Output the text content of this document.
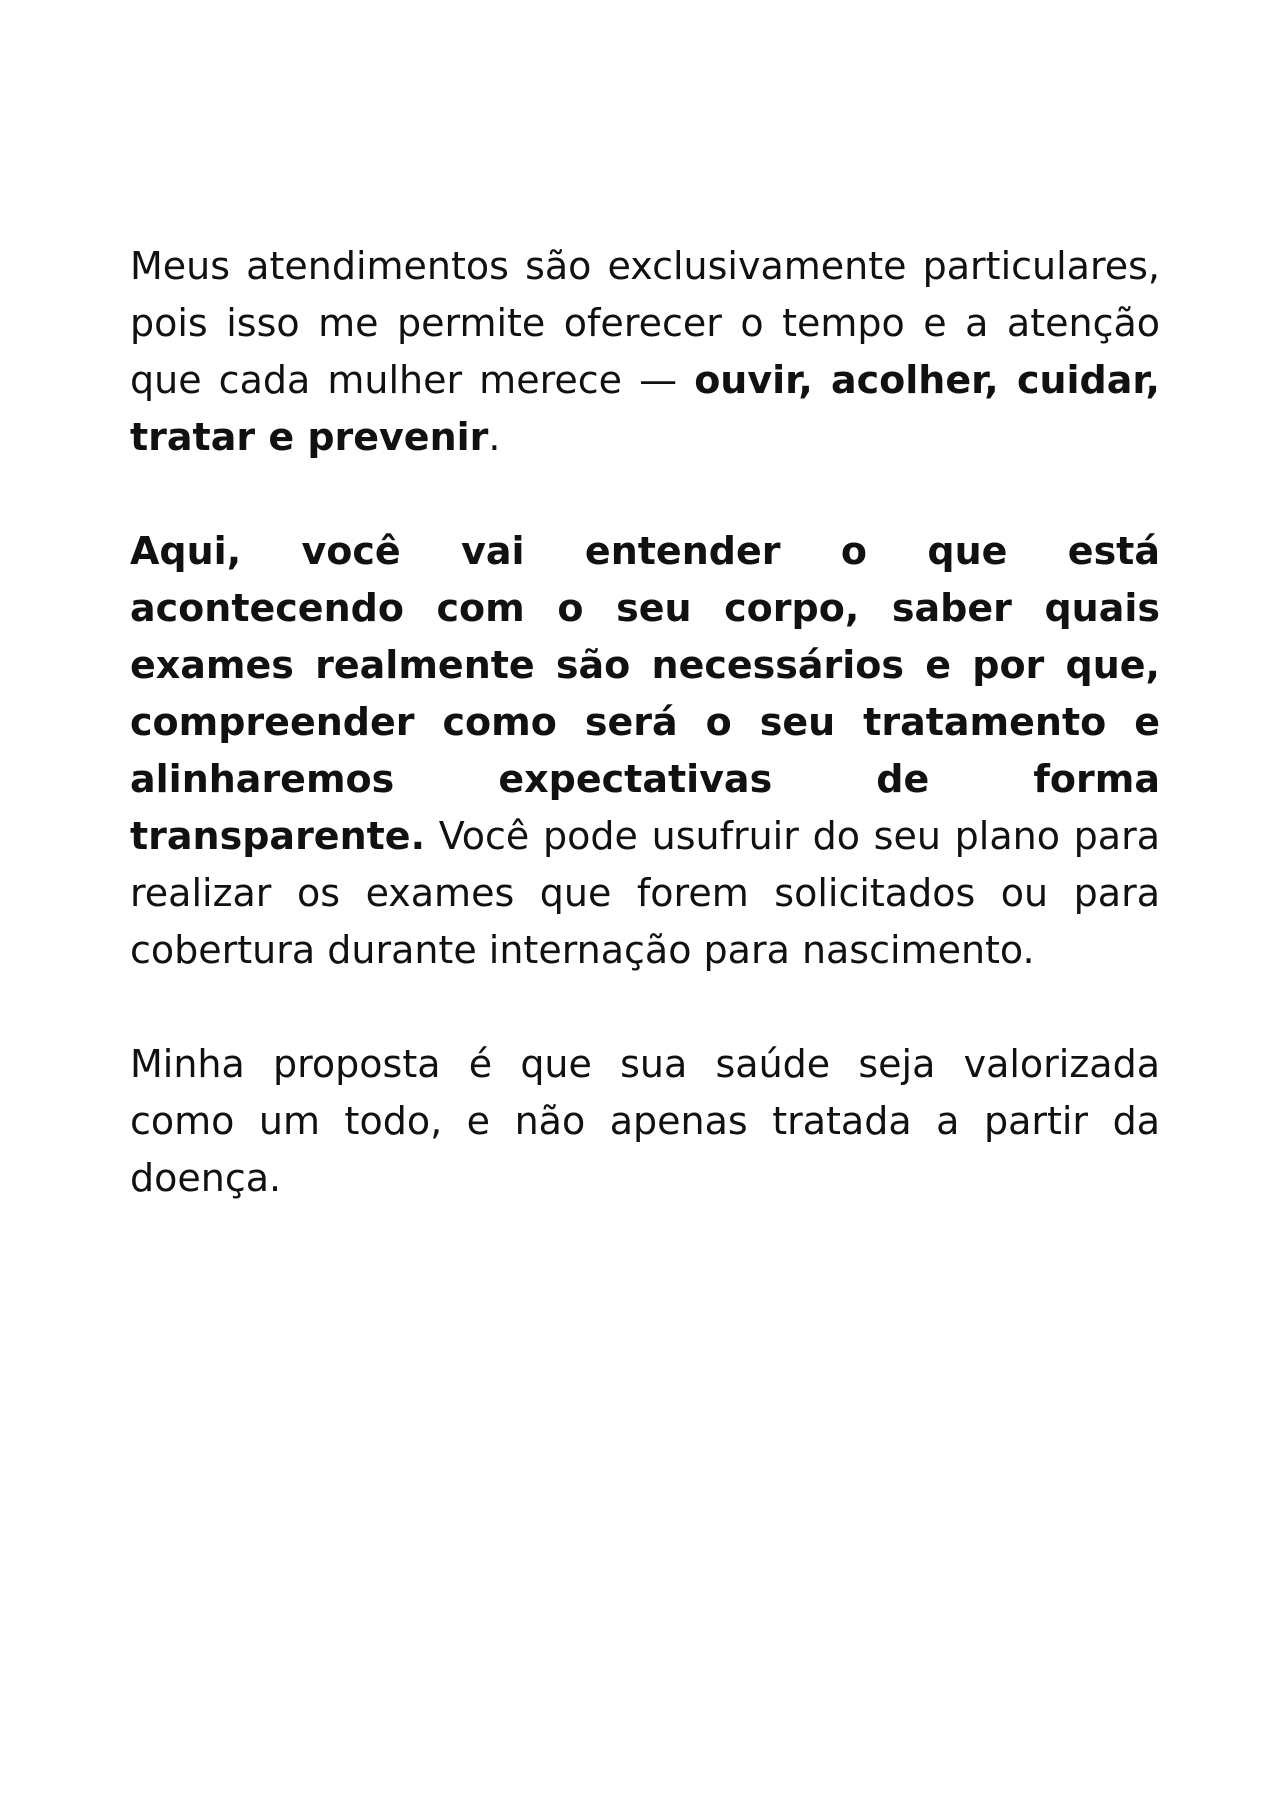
Meus atendimentos são exclusivamente particulares, pois isso me permite oferecer o tempo e a atenção que cada mulher merece — ouvir, acolher, cuidar, tratar e prevenir.

Aqui, você vai entender o que está acontecendo com o seu corpo, saber quais exames realmente são necessários e por que, compreender como será o seu tratamento e alinharemos expectativas de forma transparente. Você pode usufruir do seu plano para realizar os exames que forem solicitados ou para cobertura durante internação para nascimento.

Minha proposta é que sua saúde seja valorizada como um todo, e não apenas tratada a partir da doença.
